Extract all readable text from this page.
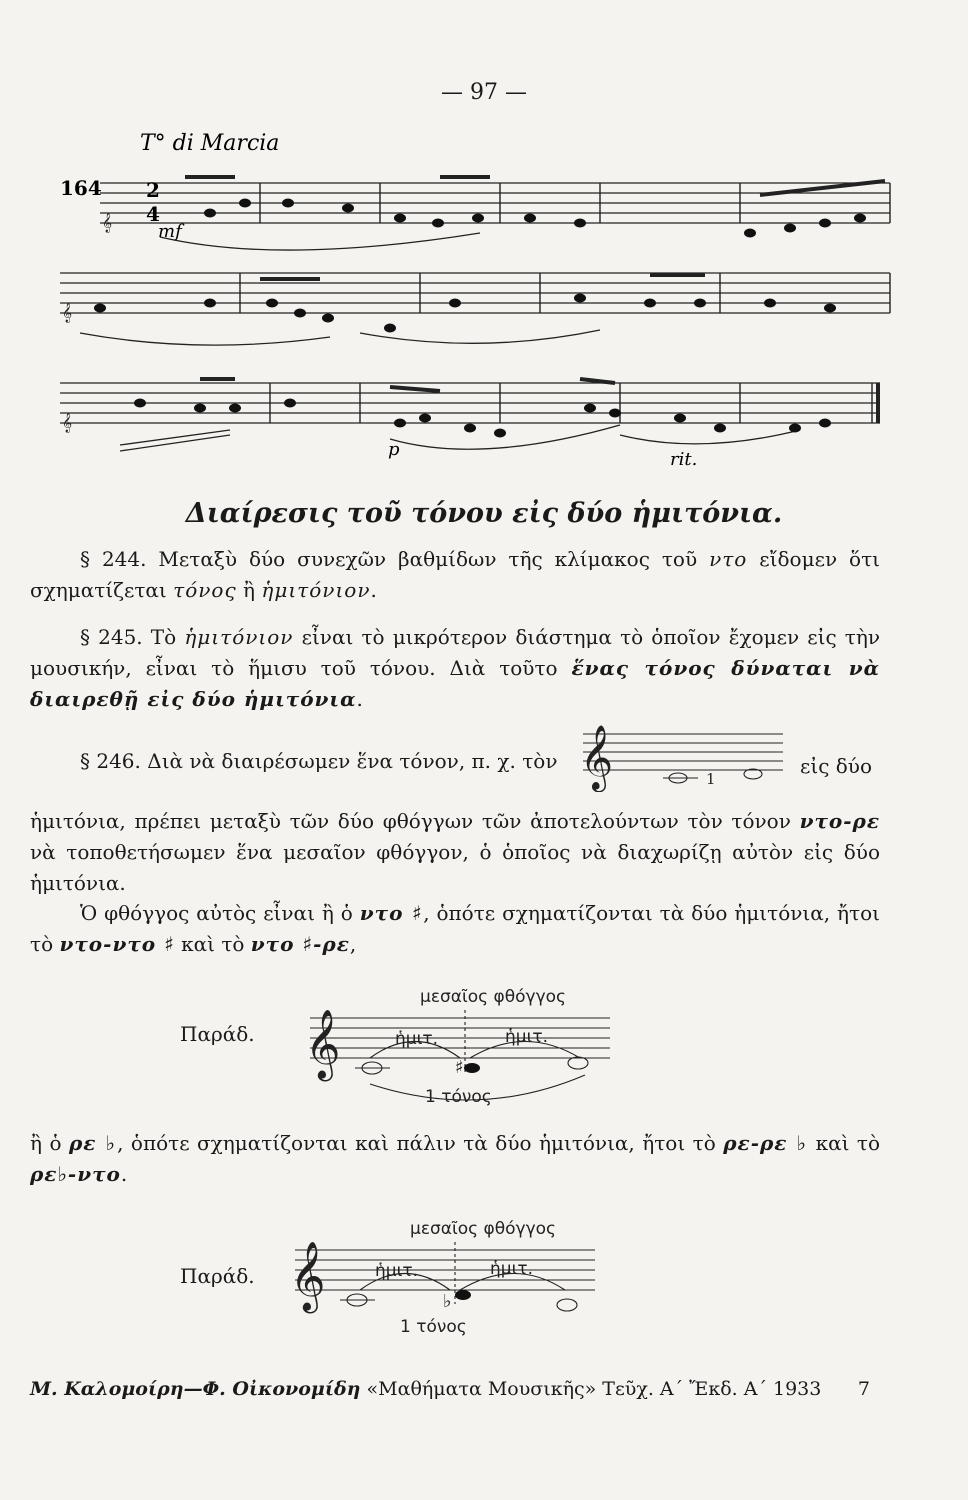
— 97 —
𝄞
𝄞
𝄞
164
T° di Marcia
2
4
mf
p	rit.
Διαίρεσις τοῦ τόνου εἰς δύο ἡμιτόνια.
§ 244. Μεταξὺ δύο συνεχῶν βαθμίδων τῆς κλίμακος τοῦ ντο εἴδομεν ὅτι σχηματίζεται τόνος ἢ ἡμιτόνιον.
§ 245. Τὸ ἡμιτόνιον εἶναι τὸ μικρότερον διάστημα τὸ ὁποῖον ἔχομεν εἰς τὴν μουσικήν, εἶναι τὸ ἥμισυ τοῦ τόνου. Διὰ τοῦτο ἕνας τόνος δύναται νὰ διαιρεθῇ εἰς δύο ἡμιτόνια.
§ 246. Διὰ νὰ διαιρέσωμεν ἕνα τόνον, π. χ. τὸν 𝄞	1
εἰς δύο
ἡμιτόνια, πρέπει μεταξὺ τῶν δύο φθόγγων τῶν ἀποτελούντων τὸν τόνον ντο-ρε νὰ τοποθετήσωμεν ἕνα μεσαῖον φθόγγον, ὁ ὁποῖος νὰ διαχωρίζῃ αὐτὸν εἰς δύο ἡμιτόνια.
Ὁ φθόγγος αὐτὸς εἶναι ἢ ὁ ντο ♯, ὁπότε σχηματίζονται τὰ δύο ἡμιτόνια, ἤτοι τὸ ντο-ντο ♯ καὶ τὸ ντο ♯-ρε,
Παράδ.
♯
𝄞
μεσαῖος φθόγγος
ἡμιτ.	ἡμιτ.
1 τόνος
ἢ ὁ ρε ♭, ὁπότε σχηματίζονται καὶ πάλιν τὰ δύο ἡμιτόνια, ἤτοι τὸ ρε-ρε ♭ καὶ τὸ ρε♭-ντο.
Παράδ.
♭
𝄞
μεσαῖος φθόγγος
ἡμιτ.	ἡμιτ.
1 τόνος
Μ. Καλομοίρη—Φ. Οἰκονομίδη «Μαθήματα Μουσικῆς» Τεῦχ. Α΄ Ἔκδ. Α΄ 1933 7
